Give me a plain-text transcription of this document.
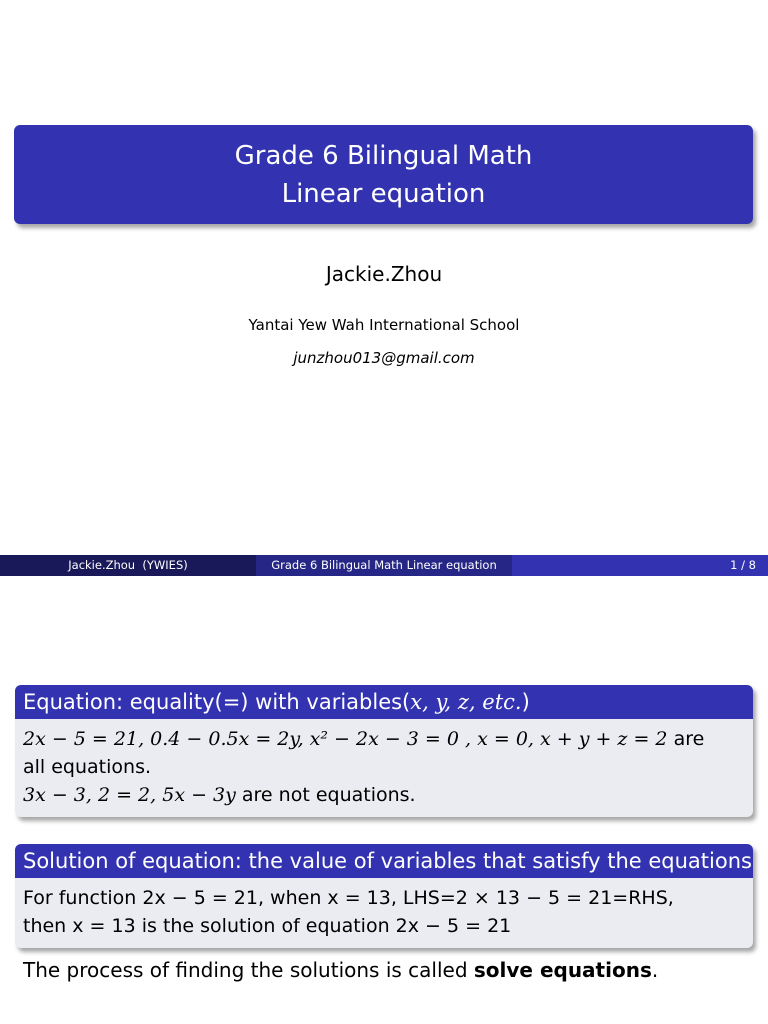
Grade 6 Bilingual Math
Linear equation
Jackie.Zhou
Yantai Yew Wah International School
junzhou013@gmail.com
Jackie.Zhou  (YWIES)	Grade 6 Bilingual Math Linear equation	1 / 8
Equation: equality(=) with variables(x, y, z, etc.)
2x − 5 = 21, 0.4 − 0.5x = 2y, x² − 2x − 3 = 0 , x = 0, x + y + z = 2 are
all equations.
3x − 3, 2 = 2, 5x − 3y are not equations.
Solution of equation: the value of variables that satisfy the equations
For function 2x − 5 = 21, when x = 13, LHS=2 × 13 − 5 = 21=RHS,
then x = 13 is the solution of equation 2x − 5 = 21
The process of finding the solutions is called solve equations.
